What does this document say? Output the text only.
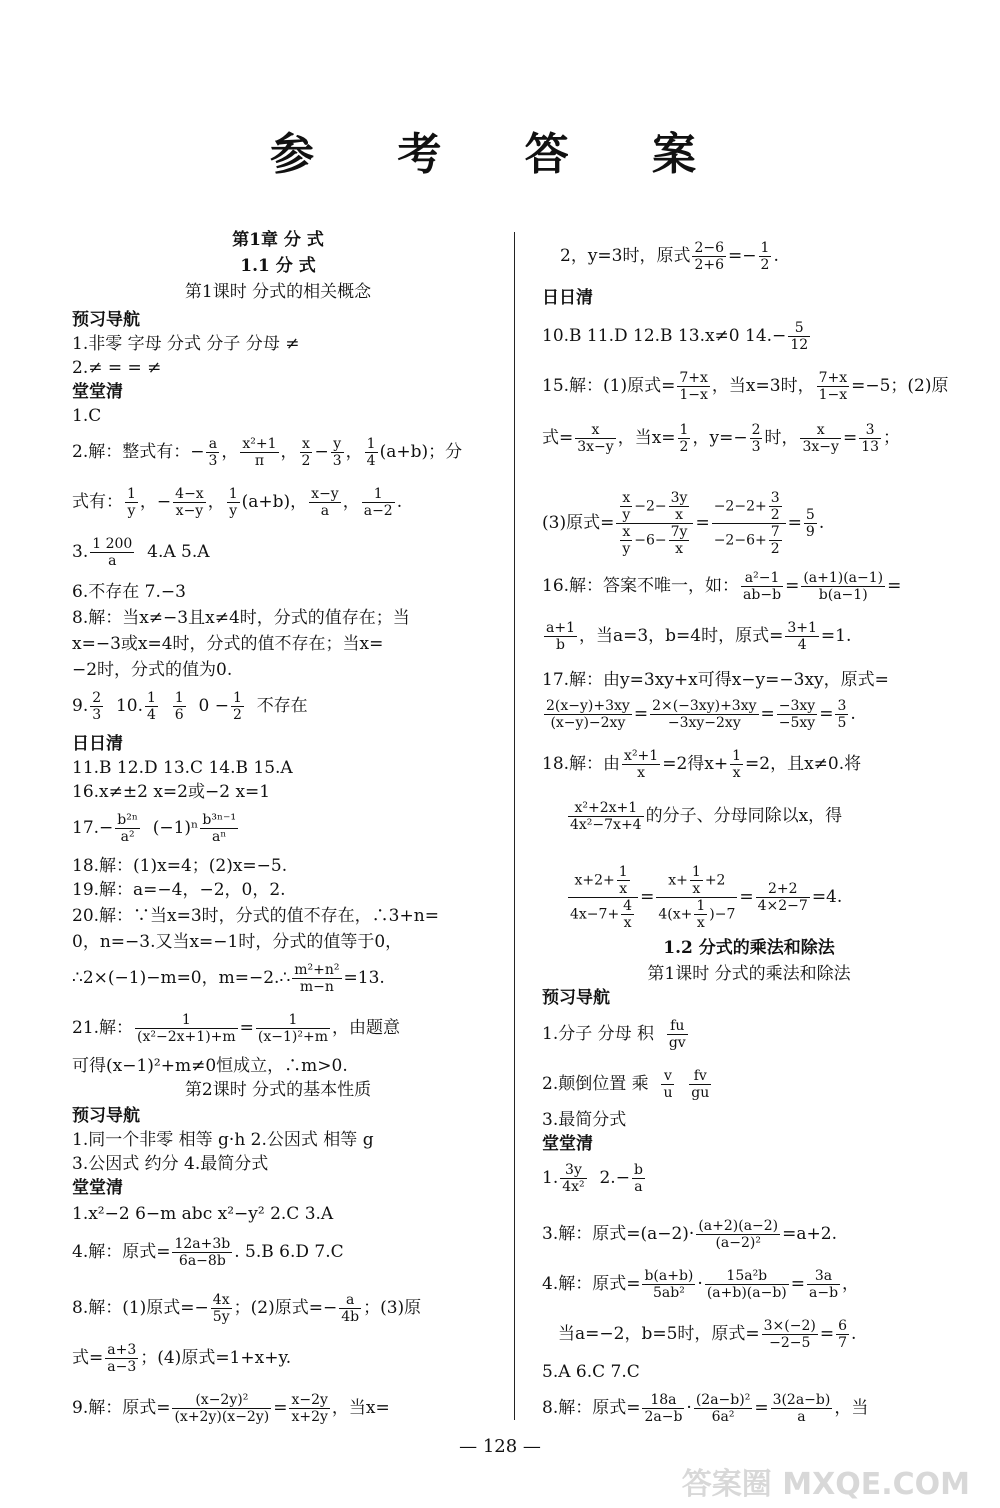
参 考 答 案
第1章 分 式
1.1 分 式
第1课时 分式的相关概念
预习导航
1.非零 字母 分式 分子 分母 ≠
2.≠ = = ≠
堂堂清
1.C
2.解：整式有：− $\frac{a}{3}$ ， $\frac{\text{x²+1}}{\pi}$ ， $\frac{x}{2} - \frac{y}{3}$ ， $\frac{1}{4} (a+b)$；分
式有： $\frac{1}{y}$ ，− $\frac{4-x}{x-y}$ ， $\frac{1}{y} (a+b)$， $\frac{x-y}{a}$ ， $\frac{1}{a-2}$ .
3. $\frac{1 200}{a} 4.A$ 5.A
6.不存在 7.−3
8.解：当x≠−3且x≠4时，分式的值存在；当
x=−3或x=4时，分式的值不存在；当x=
−2时，分式的值为0.
9. $\frac{2}{3} 10$. $\frac{1}{4}$
$\frac{1}{6} 0 - \frac{1}{2}$ 不存在
日日清
11.B 12.D 13.C 14.B 15.A
16.x≠±2 x=2或−2 x=1
$17.- \frac{\text{b²ⁿ}}{\text{a²}} (-1)^n \frac{\text{b³ⁿ⁻¹}}{\text{aⁿ}}$
18.解：(1)x=4；(2)x=−5.
19.解：a=−4，−2，0，2.
20.解：∵当x=3时，分式的值不存在，∴3+n=
0，n=−3.又当x=−1时，分式的值等于0，
∴2×(−1)−m=0，m=−2.∴ $\frac{\text{m²+n²}}{m-n} =13$.
21.解： $\frac{1}{\text{(x²−2x+1)+m}} = \frac{1}{\text{(x−1)²+m}}$ ，由题意
可得(x−1)²+m≠0恒成立，∴m>0.
第2课时 分式的基本性质
预习导航
1.同一个非零 相等 g·h 2.公因式 相等 g
3.公因式 约分 4.最简分式
堂堂清
1.x²−2 6−m abc x²−y² 2.C 3.A
4.解：原式= $\frac{12a+3b}{6a-8b}$ . 5.B 6.D 7.C
8.解：(1)原式=− $\frac{4x}{5y}$ ；(2)原式=− $\frac{a}{4b}$ ；(3)原
式= $\frac{a+3}{a-3}$ ；(4)原式=1+x+y.
9.解：原式= $\frac{\text{(x−2y)²}}{(x+2y)(x-2y)} = \frac{x-2y}{x+2y}$ ，当x=
2，y=3时，原式 $\frac{2-6}{2+6} =- \frac{1}{2}$ .
日日清
10.B 11.D 12.B 13.x≠0 $14.- \frac{5}{12}$
15.解：(1)原式= $\frac{7+x}{1-x}$ ，当x=3时， $\frac{7+x}{1-x} =-5$；(2)原
式= $\frac{x}{3x-y}$ ，当$x= \frac{1}{2}$ ，$y=- \frac{2}{3}$ 时， $\frac{x}{3x-y} = \frac{3}{13}$ ；
(3)原式= $\frac{\frac{x}{y} -2- \frac{3y}{x}}{\frac{x}{y} -6- \frac{7y}{x}} = \frac{-2-2+ \frac{3}{2}}{-2-6+ \frac{7}{2}} = \frac{5}{9}$ .
16.解：答案不唯一，如： $\frac{\text{a²−1}}{ab-b} = \frac{(a+1)(a-1)}{b(a-1)}$ =
$\frac{a+1}{b}$ ，当a=3，b=4时，原式= $\frac{3+1}{4} =1$.
17.解：由y=3xy+x可得x−y=−3xy，原式=
$\frac{2(x-y)+3xy}{(x-y)-2xy} = \frac{2\times(-3xy)+3xy}{-3xy-2xy} = \frac{-3xy}{-5xy} = \frac{3}{5}$ .
18.解：由 $\frac{\text{x²+1}}{x} =2$得$x+ \frac{1}{x} =2$，且x≠0.将
$\frac{\text{x²+2x+1}}{\text{4x²−7x+4}}$ 的分子、分母同除以x，得
$\frac{x+2+ \frac{1}{x}}{4x-7+ \frac{4}{x}} = \frac{x+ \frac{1}{x} +2}{4(x+ \frac{1}{x} )-7} = \frac{2+2}{4\times 2-7} =4$.
1.2 分式的乘法和除法
第1课时 分式的乘法和除法
预习导航
1.分子 分母 积 $\frac{fu}{gv}$
2.颠倒位置 乘 $\frac{v}{u}$
$\frac{fv}{gu}$
3.最简分式
堂堂清
1. $\frac{3y}{\text{4x²}} 2.- \frac{b}{a}$
3.解：原式$=(a-2)\cdot \frac{(a+2)(a-2)}{\text{(a−2)²}} =a+2$.
4.解：原式= $\frac{b(a+b)}{\text{5ab²}} \cdot \frac{\text{15a²b}}{(a+b)(a-b)} = \frac{3a}{a-b}$ ，
当a=−2，b=5时，原式= $\frac{3\times(-2)}{-2-5} = \frac{6}{7}$ .
5.A 6.C 7.C
8.解：原式= $\frac{18a}{2a-b} \cdot \frac{\text{(2a−b)²}}{\text{6a²}} = \frac{3(2a-b)}{a}$ ，当
— 128 —
答案圈 MXQE.COM
